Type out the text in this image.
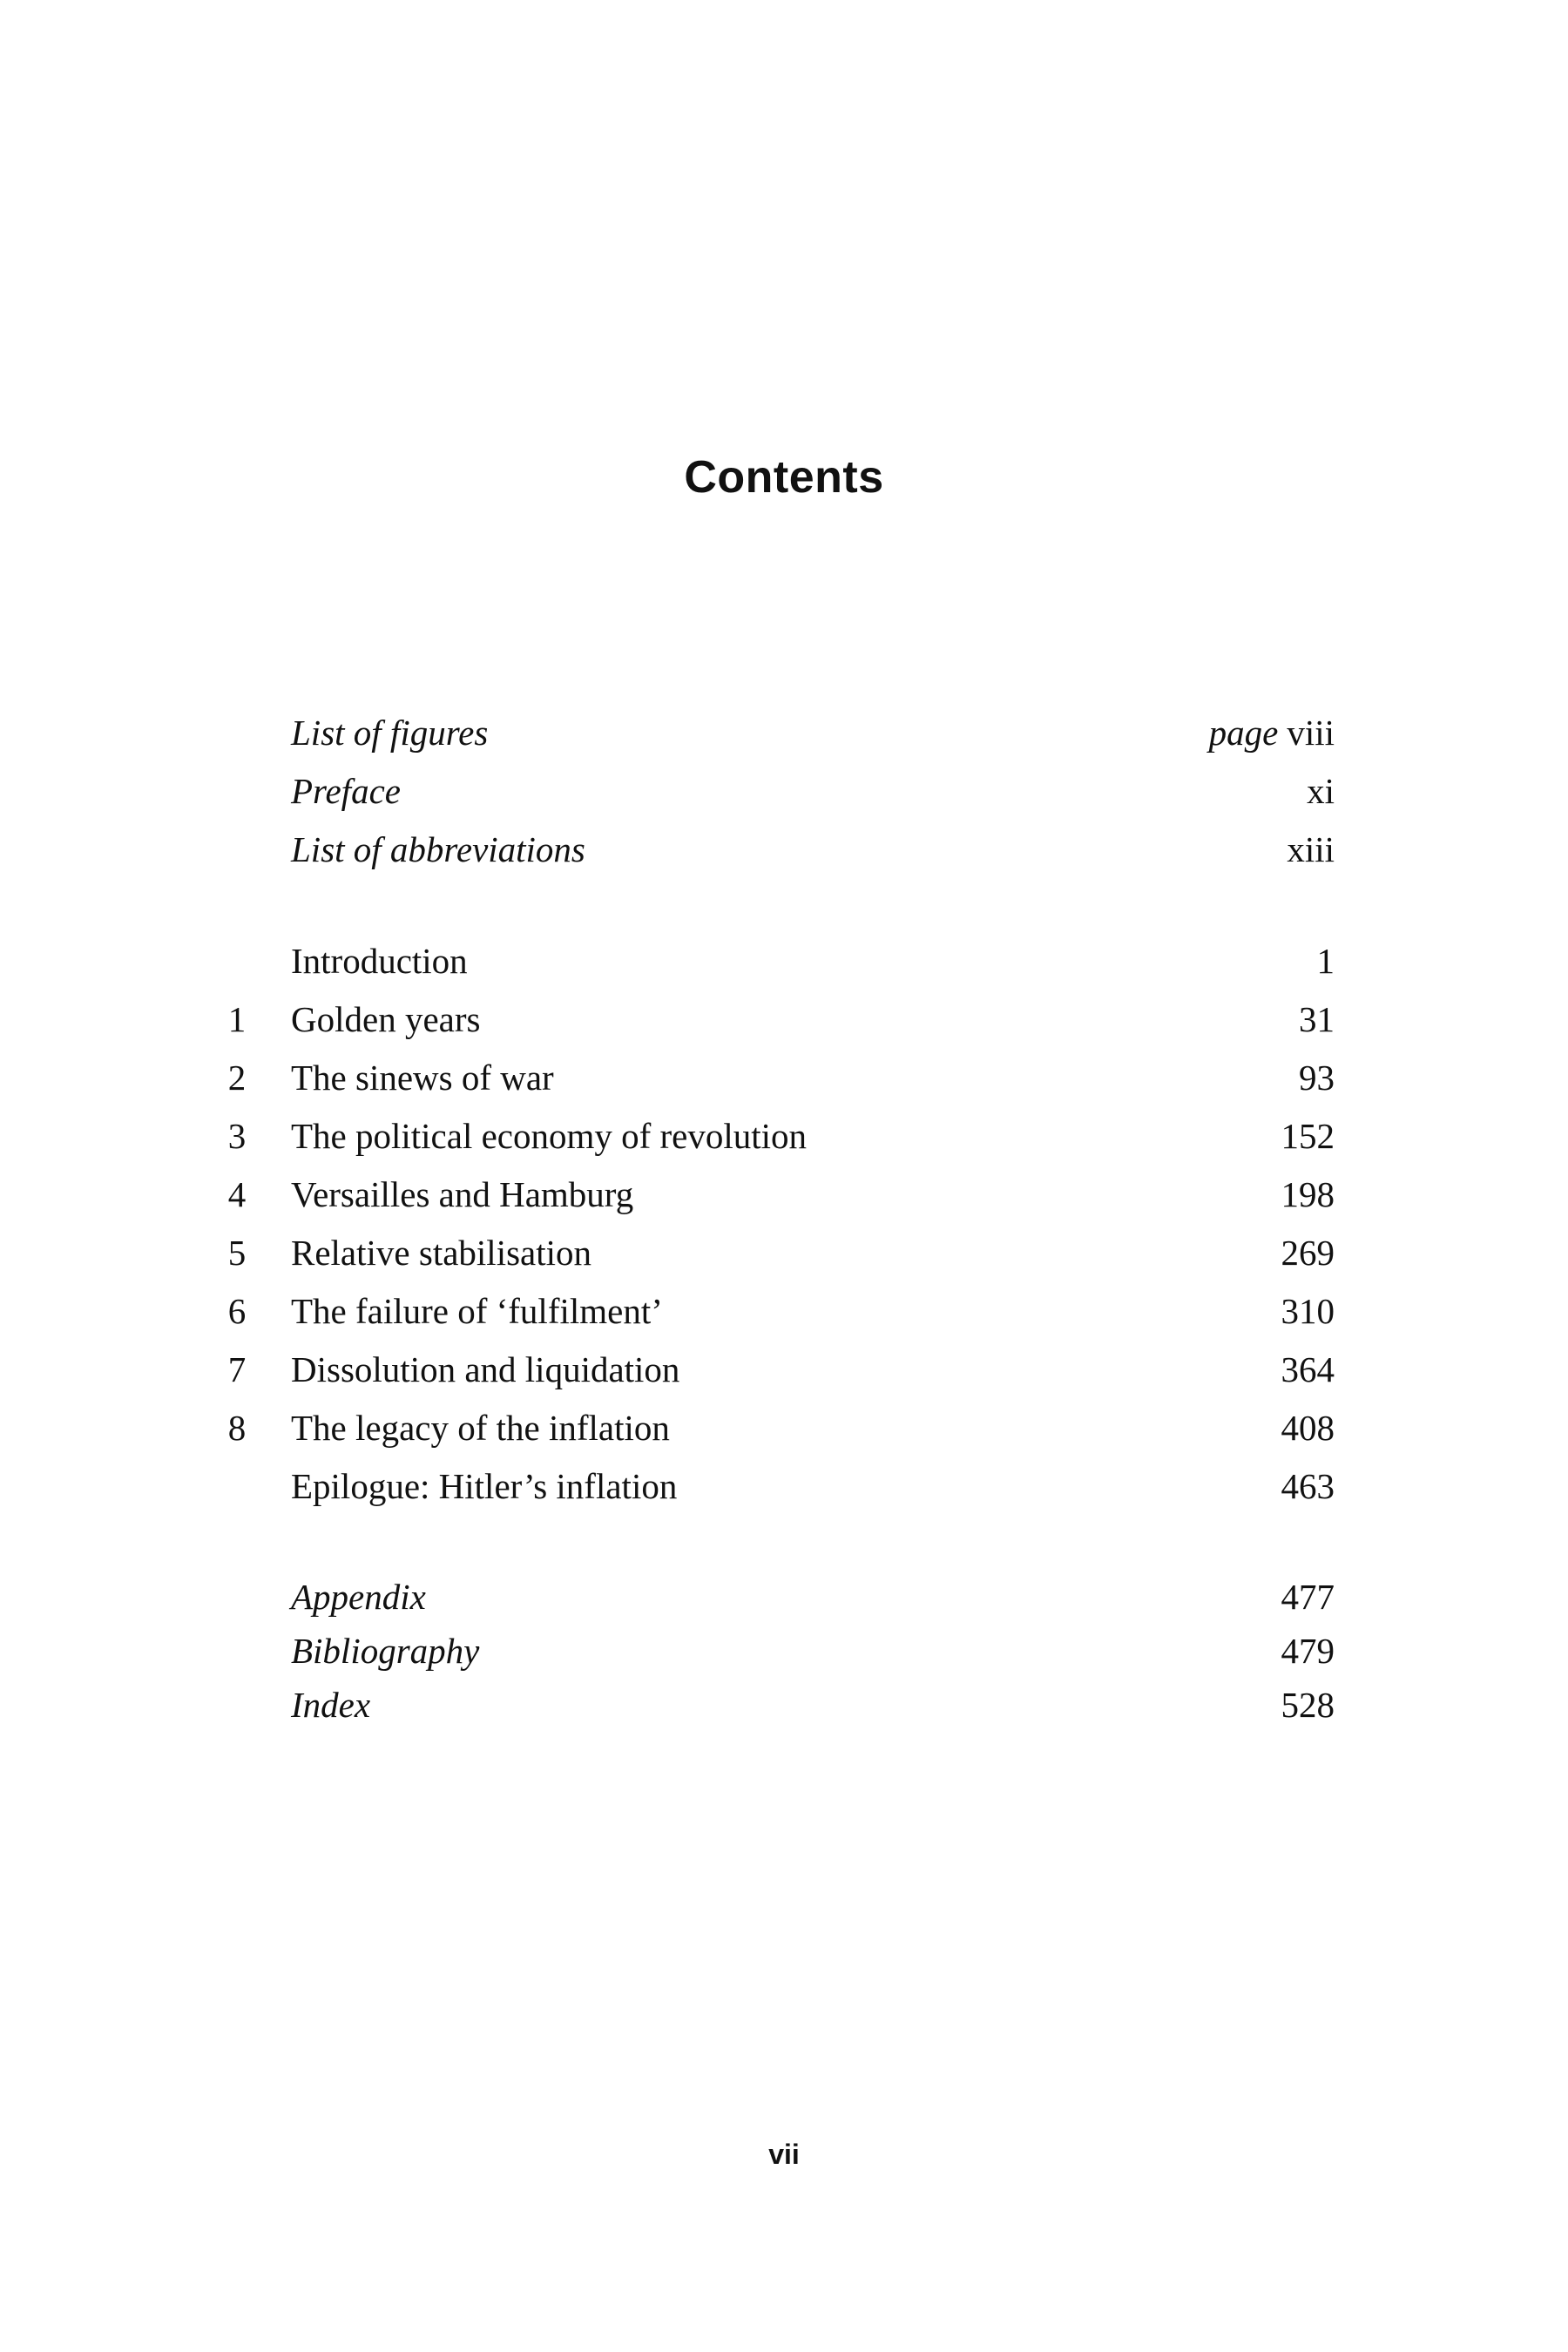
Contents
List of figures	page viii
Preface	xi
List of abbreviations	xiii
Introduction	1
1 Golden years	31
2 The sinews of war	93
3 The political economy of revolution	152
4 Versailles and Hamburg	198
5 Relative stabilisation	269
6 The failure of ‘fulfilment’	310
7 Dissolution and liquidation	364
8 The legacy of the inflation	408
Epilogue: Hitler’s inflation	463
Appendix	477
Bibliography	479
Index	528
vii
